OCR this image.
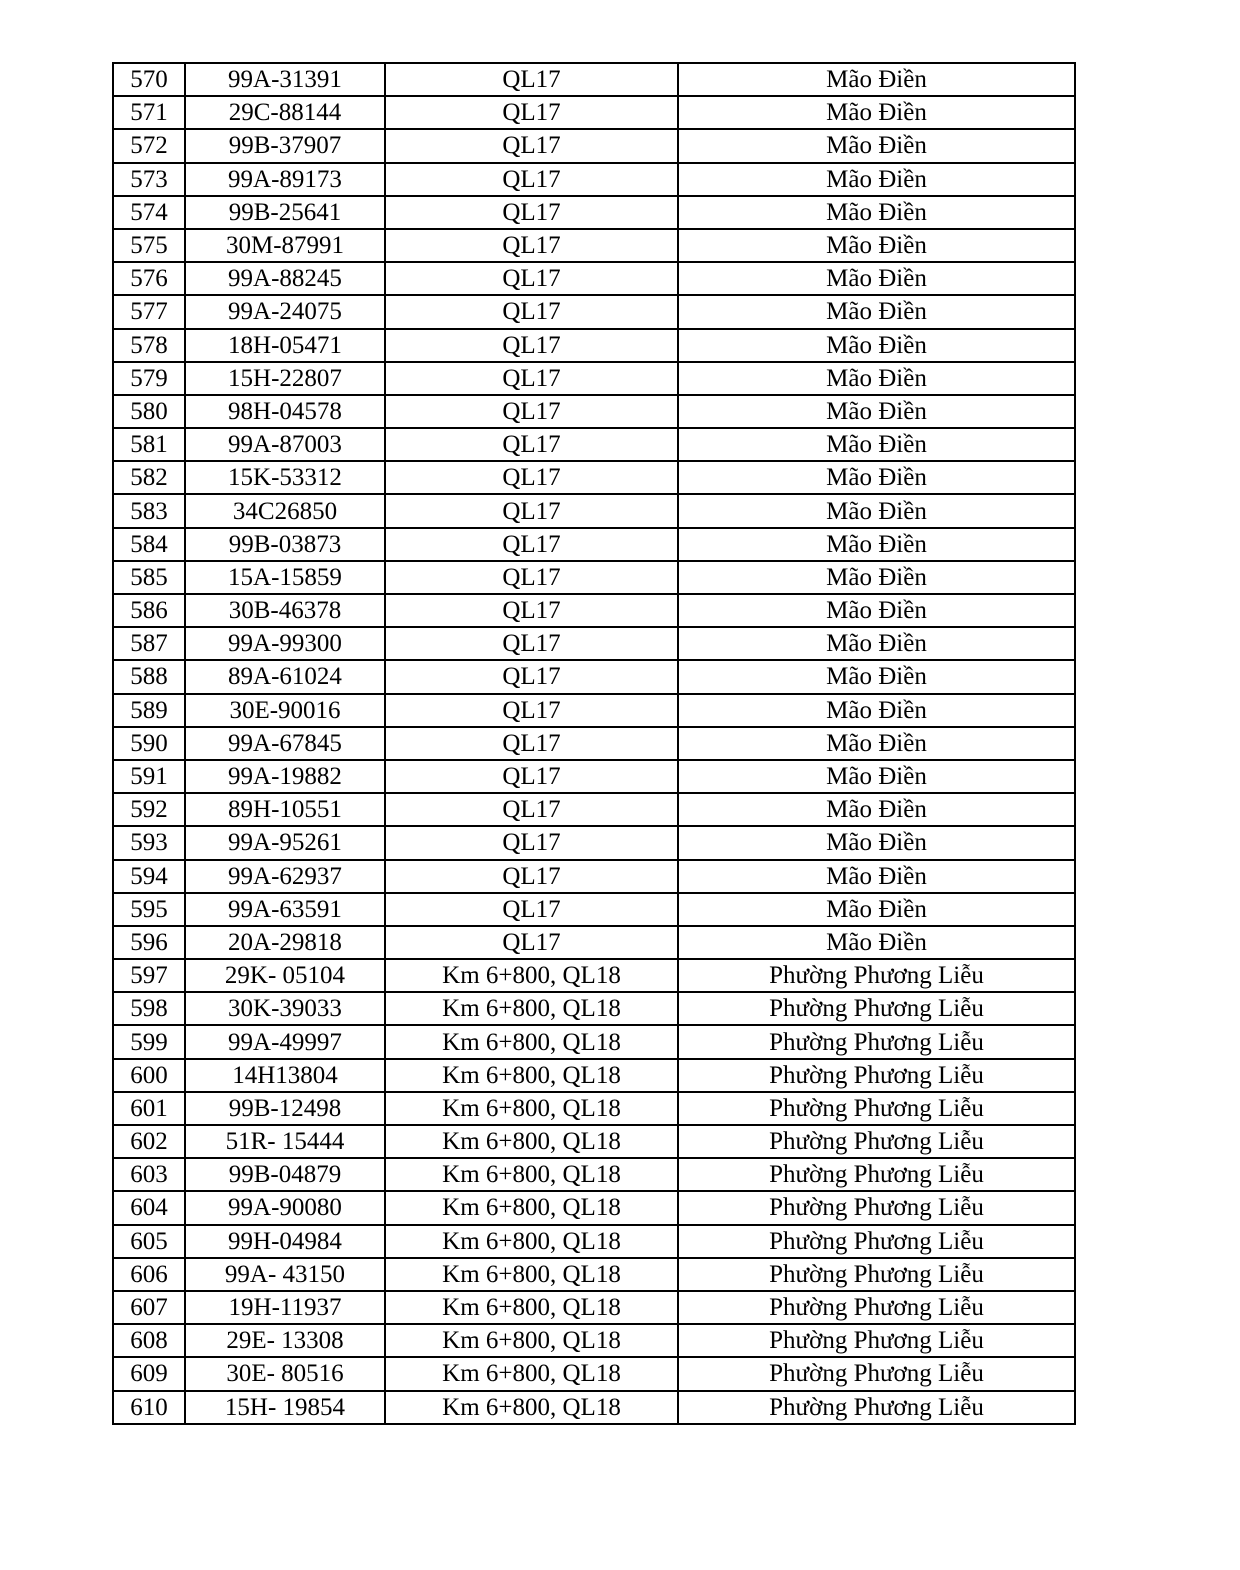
570	99A-31391	QL17	Mão Điền
571	29C-88144	QL17	Mão Điền
572	99B-37907	QL17	Mão Điền
573	99A-89173	QL17	Mão Điền
574	99B-25641	QL17	Mão Điền
575	30M-87991	QL17	Mão Điền
576	99A-88245	QL17	Mão Điền
577	99A-24075	QL17	Mão Điền
578	18H-05471	QL17	Mão Điền
579	15H-22807	QL17	Mão Điền
580	98H-04578	QL17	Mão Điền
581	99A-87003	QL17	Mão Điền
582	15K-53312	QL17	Mão Điền
583	34C26850	QL17	Mão Điền
584	99B-03873	QL17	Mão Điền
585	15A-15859	QL17	Mão Điền
586	30B-46378	QL17	Mão Điền
587	99A-99300	QL17	Mão Điền
588	89A-61024	QL17	Mão Điền
589	30E-90016	QL17	Mão Điền
590	99A-67845	QL17	Mão Điền
591	99A-19882	QL17	Mão Điền
592	89H-10551	QL17	Mão Điền
593	99A-95261	QL17	Mão Điền
594	99A-62937	QL17	Mão Điền
595	99A-63591	QL17	Mão Điền
596	20A-29818	QL17	Mão Điền
597	29K- 05104	Km 6+800, QL18	Phường Phương Liễu
598	30K-39033	Km 6+800, QL18	Phường Phương Liễu
599	99A-49997	Km 6+800, QL18	Phường Phương Liễu
600	14H13804	Km 6+800, QL18	Phường Phương Liễu
601	99B-12498	Km 6+800, QL18	Phường Phương Liễu
602	51R- 15444	Km 6+800, QL18	Phường Phương Liễu
603	99B-04879	Km 6+800, QL18	Phường Phương Liễu
604	99A-90080	Km 6+800, QL18	Phường Phương Liễu
605	99H-04984	Km 6+800, QL18	Phường Phương Liễu
606	99A- 43150	Km 6+800, QL18	Phường Phương Liễu
607	19H-11937	Km 6+800, QL18	Phường Phương Liễu
608	29E- 13308	Km 6+800, QL18	Phường Phương Liễu
609	30E- 80516	Km 6+800, QL18	Phường Phương Liễu
610	15H- 19854	Km 6+800, QL18	Phường Phương Liễu
